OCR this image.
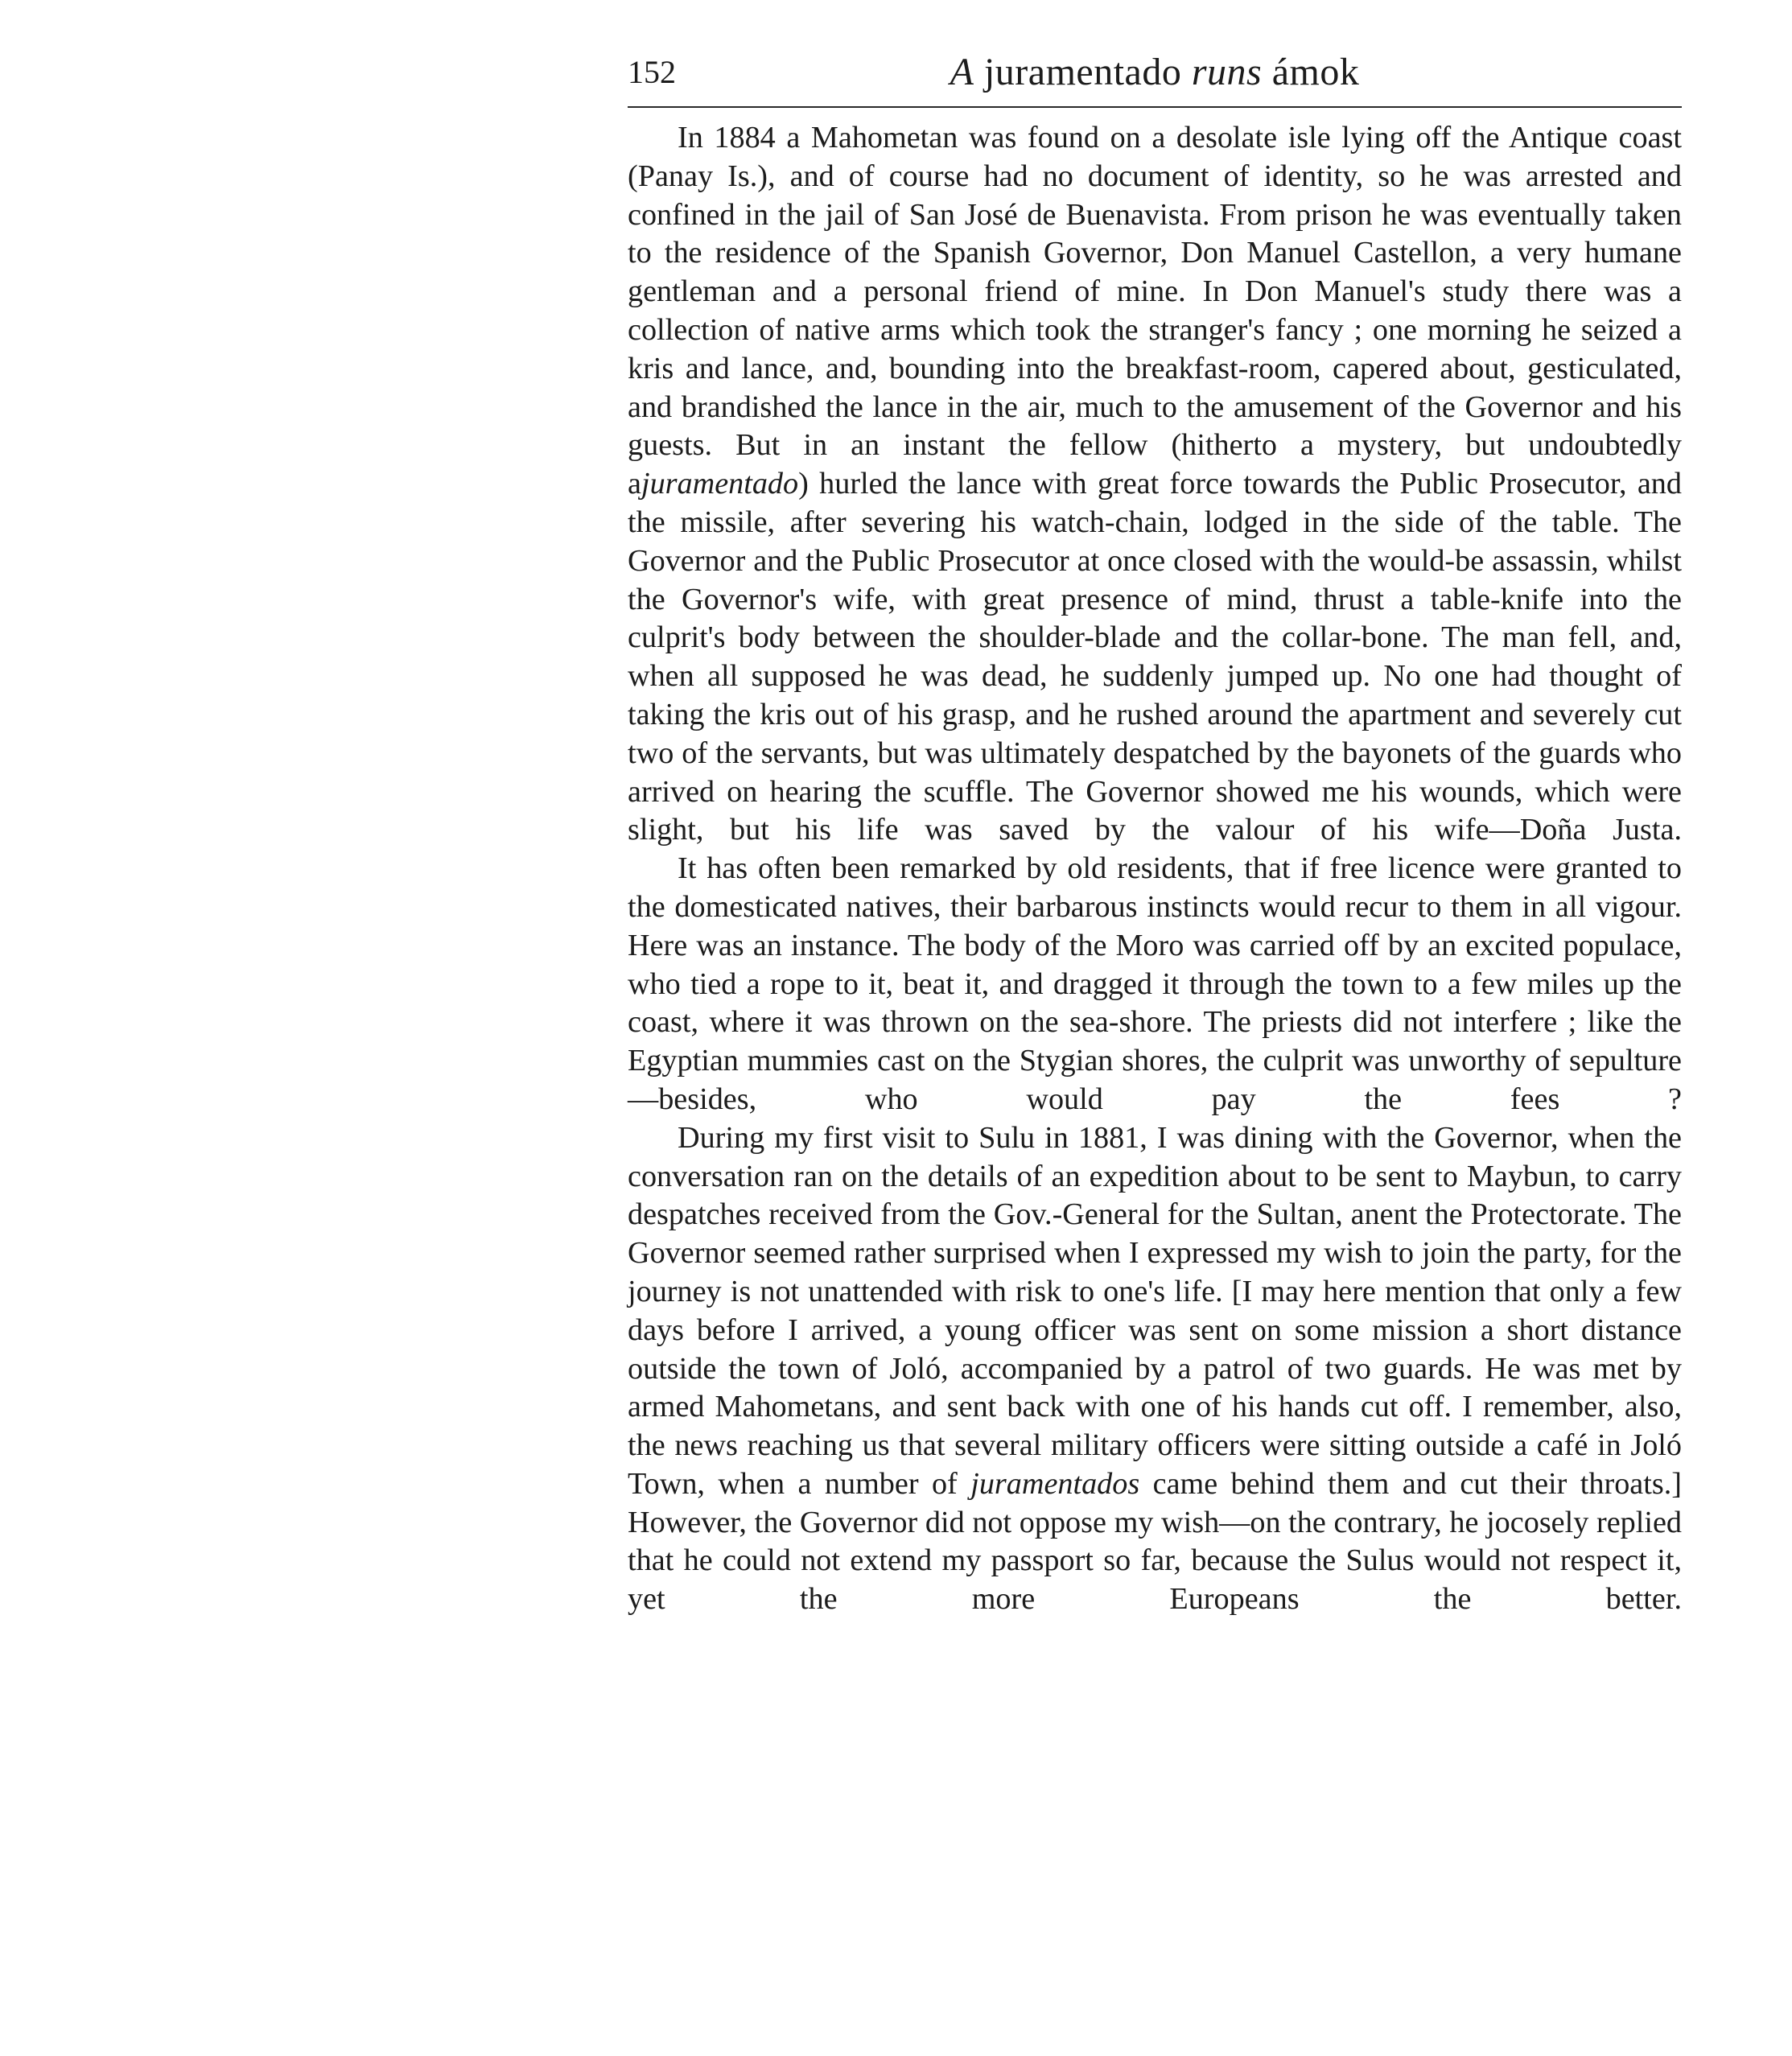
152	A juramentado runs ámok

In 1884 a Mahometan was found on a desolate isle lying off the Antique coast (Panay Is.), and of course had no document of identity, so he was arrested and confined in the jail of San José de Buenavista. From prison he was eventually taken to the residence of the Spanish Governor, Don Manuel Castellon, a very humane gentleman and a personal friend of mine. In Don Manuel's study there was a collection of native arms which took the stranger's fancy ; one morning he seized a kris and lance, and, bounding into the breakfast-room, capered about, gesticulated, and brandished the lance in the air, much to the amusement of the Governor and his guests. But in an instant the fellow (hitherto a mystery, but undoubtedly ajuramentado) hurled the lance with great force towards the Public Prosecutor, and the missile, after severing his watch-chain, lodged in the side of the table. The Governor and the Public Prosecutor at once closed with the would-be assassin, whilst the Governor's wife, with great presence of mind, thrust a table-knife into the culprit's body between the shoulder-blade and the collar-bone. The man fell, and, when all supposed he was dead, he suddenly jumped up. No one had thought of taking the kris out of his grasp, and he rushed around the apartment and severely cut two of the servants, but was ultimately despatched by the bayonets of the guards who arrived on hearing the scuffle. The Governor showed me his wounds, which were slight, but his life was saved by the valour of his wife—Doña Justa.

It has often been remarked by old residents, that if free licence were granted to the domesticated natives, their barbarous instincts would recur to them in all vigour. Here was an instance. The body of the Moro was carried off by an excited populace, who tied a rope to it, beat it, and dragged it through the town to a few miles up the coast, where it was thrown on the sea-shore. The priests did not interfere ; like the Egyptian mummies cast on the Stygian shores, the culprit was unworthy of sepulture—besides, who would pay the fees ?

During my first visit to Sulu in 1881, I was dining with the Governor, when the conversation ran on the details of an expedition about to be sent to Maybun, to carry despatches received from the Gov.-General for the Sultan, anent the Protectorate. The Governor seemed rather surprised when I expressed my wish to join the party, for the journey is not unattended with risk to one's life. [I may here mention that only a few days before I arrived, a young officer was sent on some mission a short distance outside the town of Joló, accompanied by a patrol of two guards. He was met by armed Mahometans, and sent back with one of his hands cut off. I remember, also, the news reaching us that several military officers were sitting outside a café in Joló Town, when a number of juramentados came behind them and cut their throats.] However, the Governor did not oppose my wish—on the contrary, he jocosely replied that he could not extend my passport so far, because the Sulus would not respect it, yet the more Europeans the better.
